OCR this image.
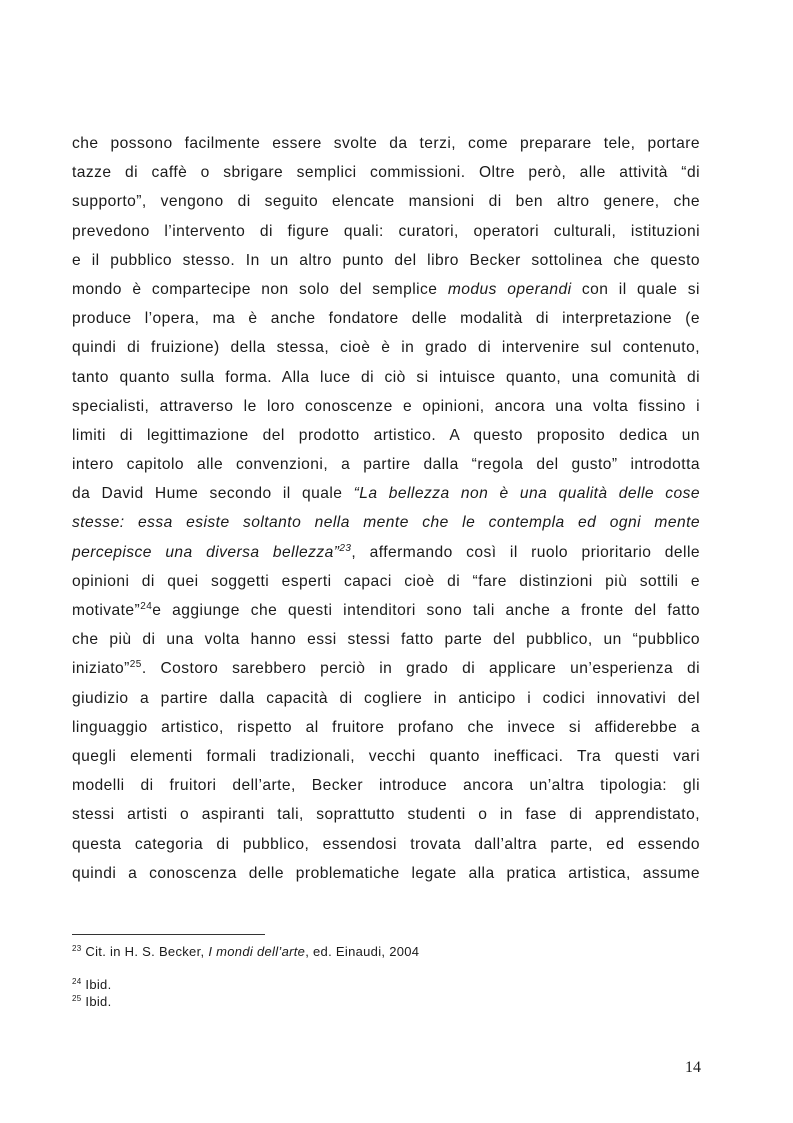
che possono facilmente essere svolte da terzi, come preparare tele, portare
tazze di caffè o sbrigare semplici commissioni. Oltre però, alle attività “di
supporto”, vengono di seguito elencate mansioni di ben altro genere, che
prevedono l’intervento di figure quali: curatori, operatori culturali, istituzioni
e il pubblico stesso. In un altro punto del libro Becker sottolinea che questo
mondo è compartecipe non solo del semplice modus operandi con il quale si
produce l’opera, ma è anche fondatore delle modalità di interpretazione (e
quindi di fruizione) della stessa, cioè è in grado di intervenire sul contenuto,
tanto quanto sulla forma. Alla luce di ciò si intuisce quanto, una comunità di
specialisti, attraverso le loro conoscenze e opinioni, ancora una volta fissino i
limiti di legittimazione del prodotto artistico. A questo proposito dedica un
intero capitolo alle convenzioni, a partire dalla “regola del gusto” introdotta
da David Hume secondo il quale “La bellezza non è una qualità delle cose
stesse: essa esiste soltanto nella mente che le contempla ed ogni mente
percepisce una diversa bellezza”$^{23}$, affermando così il ruolo prioritario delle
opinioni di quei soggetti esperti capaci cioè di “fare distinzioni più sottili e
motivate”$^{24}$e aggiunge che questi intenditori sono tali anche a fronte del fatto
che più di una volta hanno essi stessi fatto parte del pubblico, un “pubblico
iniziato”$^{25}$. Costoro sarebbero perciò in grado di applicare un’esperienza di
giudizio a partire dalla capacità di cogliere in anticipo i codici innovativi del
linguaggio artistico, rispetto al fruitore profano che invece si affiderebbe a
quegli elementi formali tradizionali, vecchi quanto inefficaci. Tra questi vari
modelli di fruitori dell’arte, Becker introduce ancora un’altra tipologia: gli
stessi artisti o aspiranti tali, soprattutto studenti o in fase di apprendistato,
questa categoria di pubblico, essendosi trovata dall’altra parte, ed essendo
quindi a conoscenza delle problematiche legate alla pratica artistica, assume
$^{23}$ Cit. in H. S. Becker, I mondi dell’arte, ed. Einaudi, 2004
$^{24}$ Ibid.
$^{25}$ Ibid.
14
